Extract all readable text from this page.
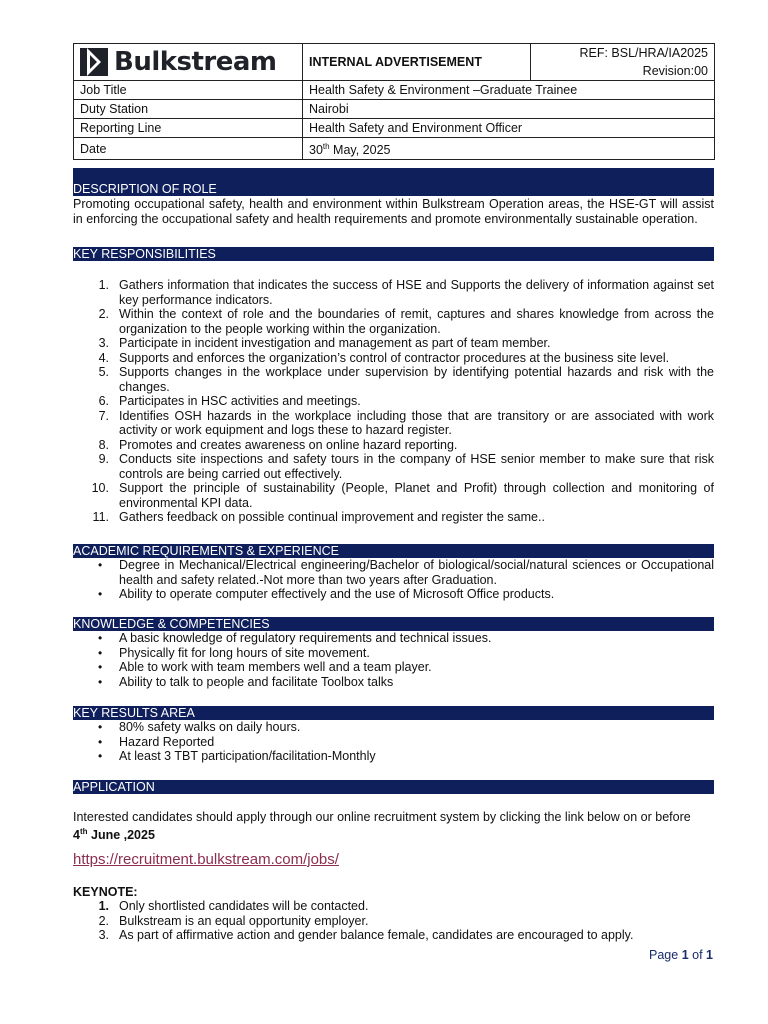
Bulkstream	INTERNAL ADVERTISEMENT	REF: BSL/HRA/IA2025
Revision:00

Job Title	Health Safety & Environment –Graduate Trainee	
Duty Station	Nairobi	
Reporting Line	Health Safety and Environment Officer	
Date	30th May, 2025	
DESCRIPTION OF ROLE
Promoting occupational safety, health and environment within Bulkstream Operation areas, the HSE-GT will assist in enforcing the occupational safety and health requirements and promote environmentally sustainable operation.
KEY RESPONSIBILITIES
1. Gathers information that indicates the success of HSE and Supports the delivery of information against set key performance indicators.
2. Within the context of role and the boundaries of remit, captures and shares knowledge from across the organization to the people working within the organization.
3. Participate in incident investigation and management as part of team member.
4. Supports and enforces the organization’s control of contractor procedures at the business site level.
5. Supports changes in the workplace under supervision by identifying potential hazards and risk with the changes.
6. Participates in HSC activities and meetings.
7. Identifies OSH hazards in the workplace including those that are transitory or are associated with work activity or work equipment and logs these to hazard register.
8. Promotes and creates awareness on online hazard reporting.
9. Conducts site inspections and safety tours in the company of HSE senior member to make sure that risk controls are being carried out effectively.
10. Support the principle of sustainability (People, Planet and Profit) through collection and monitoring of environmental KPI data.
11. Gathers feedback on possible continual improvement and register the same..
ACADEMIC REQUIREMENTS & EXPERIENCE
• Degree in Mechanical/Electrical engineering/Bachelor of biological/social/natural sciences or Occupational health and safety related.-Not more than two years after Graduation.
• Ability to operate computer effectively and the use of Microsoft Office products.
KNOWLEDGE & COMPETENCIES
• A basic knowledge of regulatory requirements and technical issues.
• Physically fit for long hours of site movement.
• Able to work with team members well and a team player.
• Ability to talk to people and facilitate Toolbox talks
KEY RESULTS AREA
• 80% safety walks on daily hours.
• Hazard Reported
• At least 3 TBT participation/facilitation-Monthly
APPLICATION
Interested candidates should apply through our online recruitment system by clicking the link below on or before
4th June ,2025
https://recruitment.bulkstream.com/jobs/
KEYNOTE:
1. Only shortlisted candidates will be contacted.
2. Bulkstream is an equal opportunity employer.
3. As part of affirmative action and gender balance female, candidates are encouraged to apply.
Page 1 of 1
